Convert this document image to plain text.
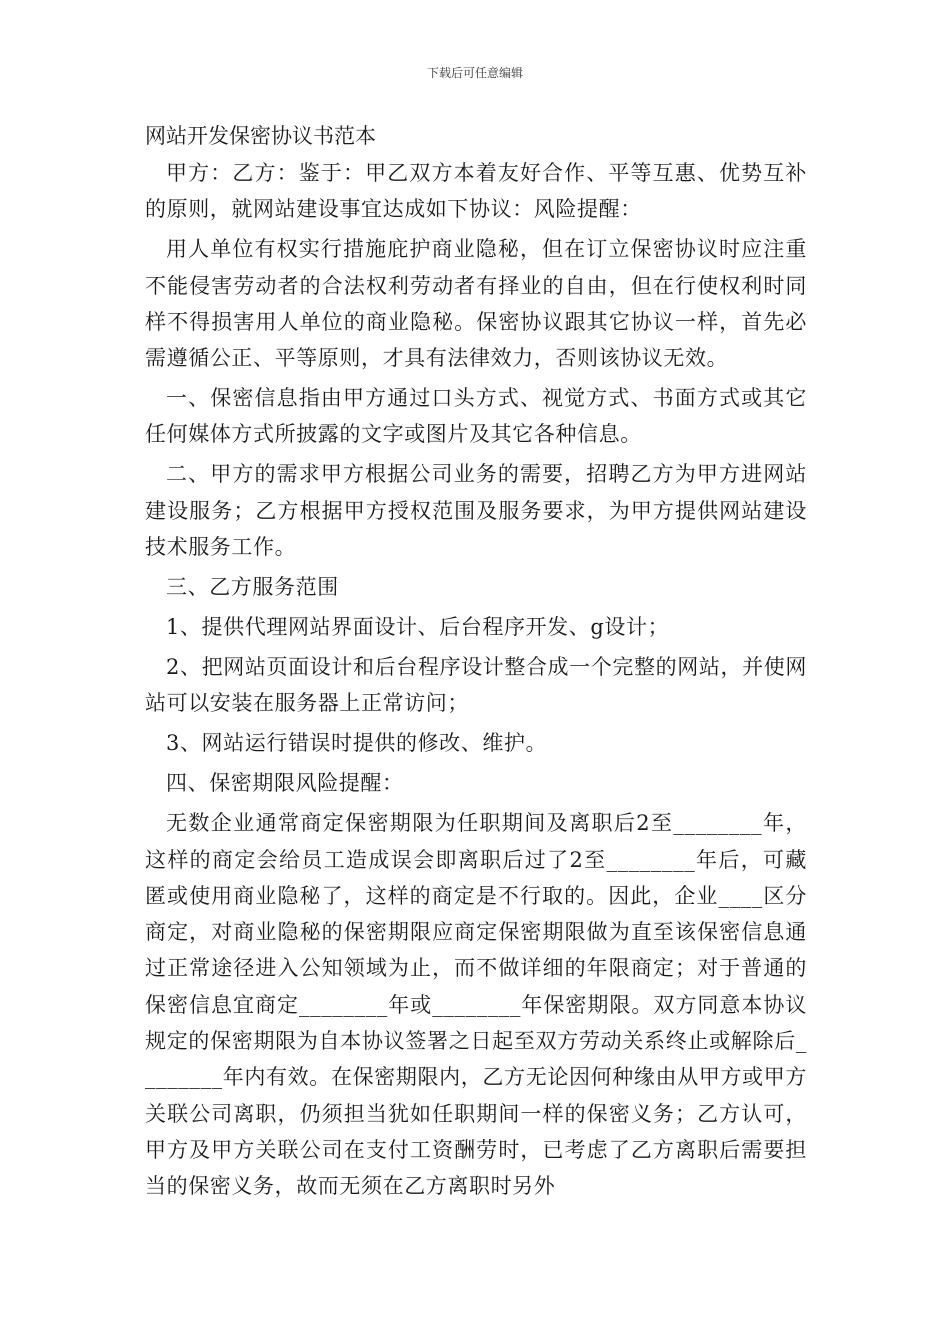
下载后可任意编辑
网站开发保密协议书范本

甲方：乙方：鉴于：甲乙双方本着友好合作、平等互惠、优势互补的原则，就网站建设事宜达成如下协议：风险提醒：

用人单位有权实行措施庇护商业隐秘，但在订立保密协议时应注重不能侵害劳动者的合法权利劳动者有择业的自由，但在行使权利时同样不得损害用人单位的商业隐秘。保密协议跟其它协议一样，首先必需遵循公正、平等原则，才具有法律效力，否则该协议无效。

一、保密信息指由甲方通过口头方式、视觉方式、书面方式或其它任何媒体方式所披露的文字或图片及其它各种信息。

二、甲方的需求甲方根据公司业务的需要，招聘乙方为甲方进网站建设服务；乙方根据甲方授权范围及服务要求，为甲方提供网站建设技术服务工作。

三、乙方服务范围

1、提供代理网站界面设计、后台程序开发、g设计；

2、把网站页面设计和后台程序设计整合成一个完整的网站，并使网站可以安装在服务器上正常访问；

3、网站运行错误时提供的修改、维护。

四、保密期限风险提醒：

无数企业通常商定保密期限为任职期间及离职后2至________年，这样的商定会给员工造成误会即离职后过了2至________年后，可藏匿或使用商业隐秘了，这样的商定是不行取的。因此，企业____区分商定，对商业隐秘的保密期限应商定保密期限做为直至该保密信息通过正常途径进入公知领域为止，而不做详细的年限商定；对于普通的保密信息宜商定________年或________年保密期限。双方同意本协议规定的保密期限为自本协议签署之日起至双方劳动关系终止或解除后________年内有效。在保密期限内，乙方无论因何种缘由从甲方或甲方关联公司离职，仍须担当犹如任职期间一样的保密义务；乙方认可，甲方及甲方关联公司在支付工资酬劳时，已考虑了乙方离职后需要担当的保密义务，故而无须在乙方离职时另外
